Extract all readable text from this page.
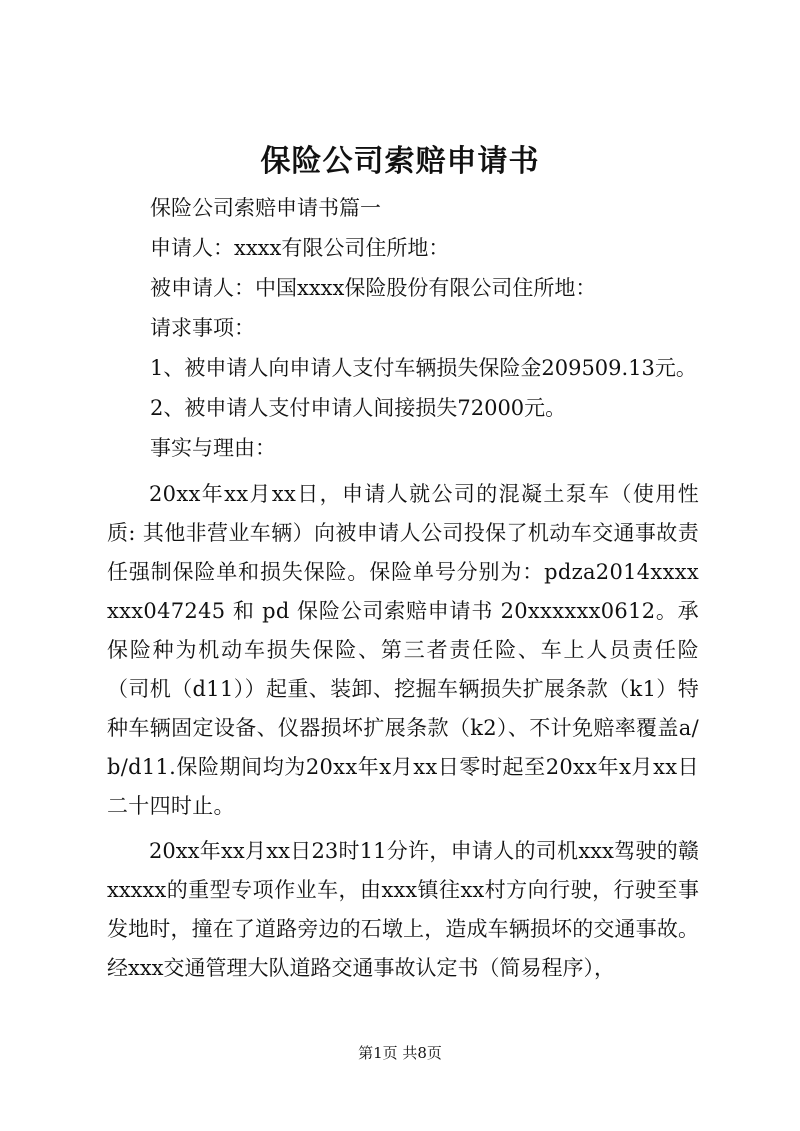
保险公司索赔申请书
保险公司索赔申请书篇一
申请人：xxxx有限公司住所地：
被申请人：中国xxxx保险股份有限公司住所地：
请求事项：
1、被申请人向申请人支付车辆损失保险金209509.13元。
2、被申请人支付申请人间接损失72000元。
事实与理由：
20xx年xx月xx日，申请人就公司的混凝土泵车（使用性质: 其他非营业车辆）向被申请人公司投保了机动车交通事故责任强制保险单和损失保险。保险单号分别为：pdza2014xxxxxxx047245 和 pd 保险公司索赔申请书 20xxxxxx0612。承保险种为机动车损失保险、第三者责任险、车上人员责任险（司机（d11））起重、装卸、挖掘车辆损失扩展条款（k1）特种车辆固定设备、仪器损坏扩展条款（k2）、不计免赔率覆盖a/b/d11.保险期间均为20xx年x月xx日零时起至20xx年x月xx日二十四时止。
20xx年xx月xx日23时11分许，申请人的司机xxx驾驶的赣xxxxx的重型专项作业车，由xxx镇往xx村方向行驶，行驶至事发地时，撞在了道路旁边的石墩上，造成车辆损坏的交通事故。经xxx交通管理大队道路交通事故认定书（简易程序），
第1页 共8页
